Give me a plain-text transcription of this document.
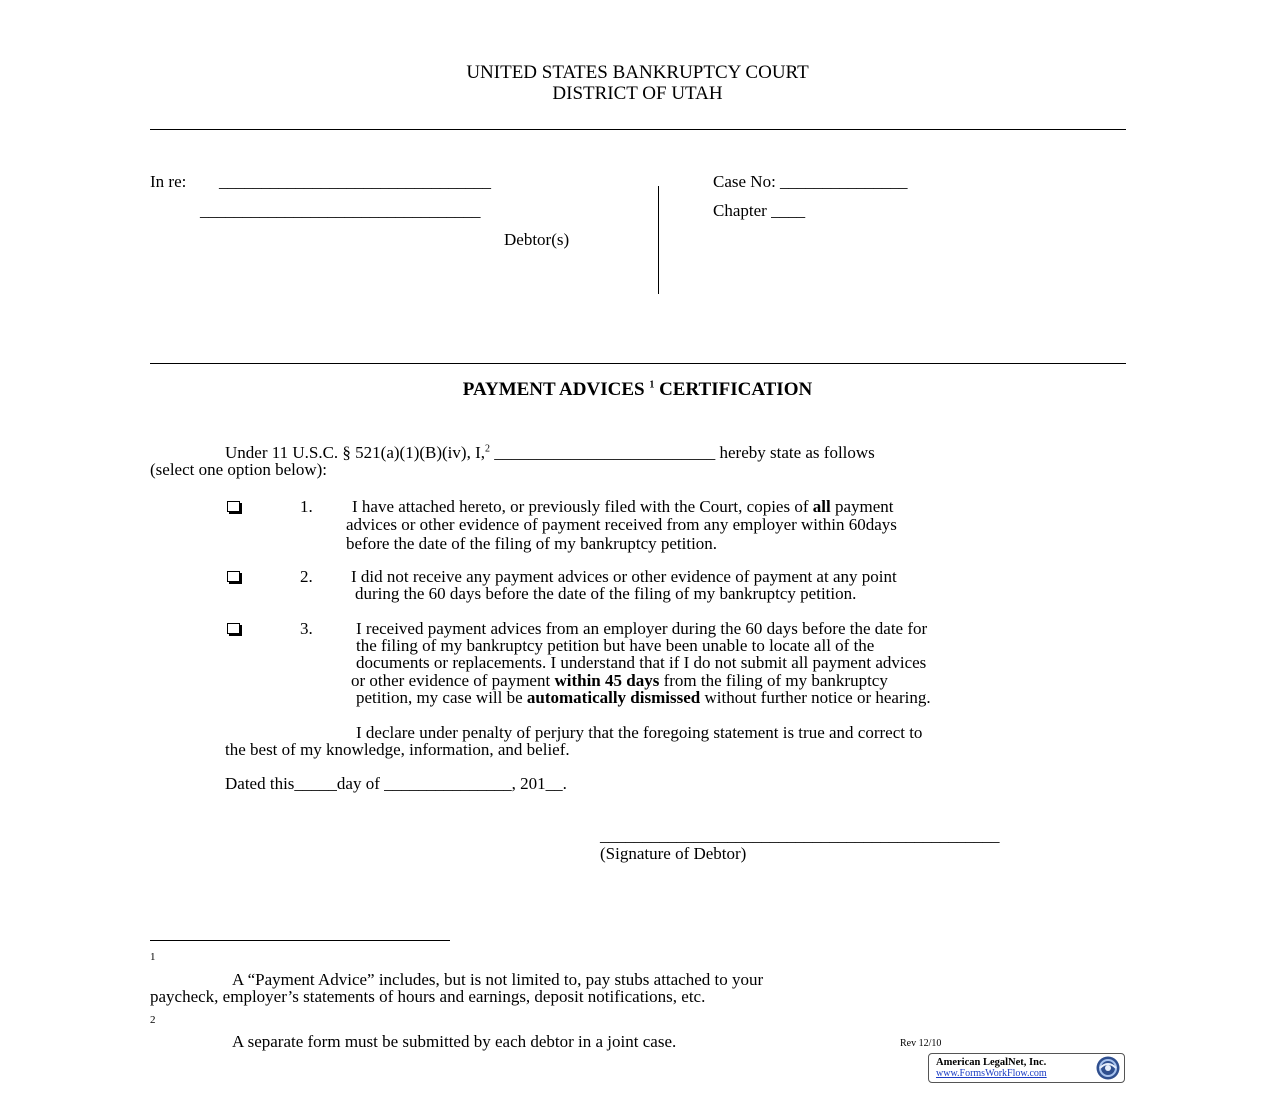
UNITED STATES BANKRUPTCY COURT
DISTRICT OF UTAH
In re: ________________________________
_________________________________
Debtor(s)
Case No: _______________
Chapter ____
PAYMENT ADVICES $^1$ CERTIFICATION
Under 11 U.S.C. § 521(a)(1)(B)(iv), I,$^2$ __________________________ hereby state as follows
(select one option below):
1. I have attached hereto, or previously filed with the Court, copies of all payment
advices or other evidence of payment received from any employer within 60days
before the date of the filing of my bankruptcy petition.
2. I did not receive any payment advices or other evidence of payment at any point
during the 60 days before the date of the filing of my bankruptcy petition.
3.	I received payment advices from an employer during the 60 days before the date for
the filing of my bankruptcy petition but have been unable to locate all of the
documents or replacements. I understand that if I do not submit all payment advices
or other evidence of payment within 45 days from the filing of my bankruptcy
petition, my case will be automatically dismissed without further notice or hearing.
I declare under penalty of perjury that the foregoing statement is true and correct to
the best of my knowledge, information, and belief.
Dated this_____day of _______________, 201__.
_______________________________________________
(Signature of Debtor)
1
A “Payment Advice” includes, but is not limited to, pay stubs attached to your
paycheck, employer’s statements of hours and earnings, deposit notifications, etc.
2
A separate form must be submitted by each debtor in a joint case.	Rev 12/10
American LegalNet, Inc.
www.FormsWorkFlow.com
